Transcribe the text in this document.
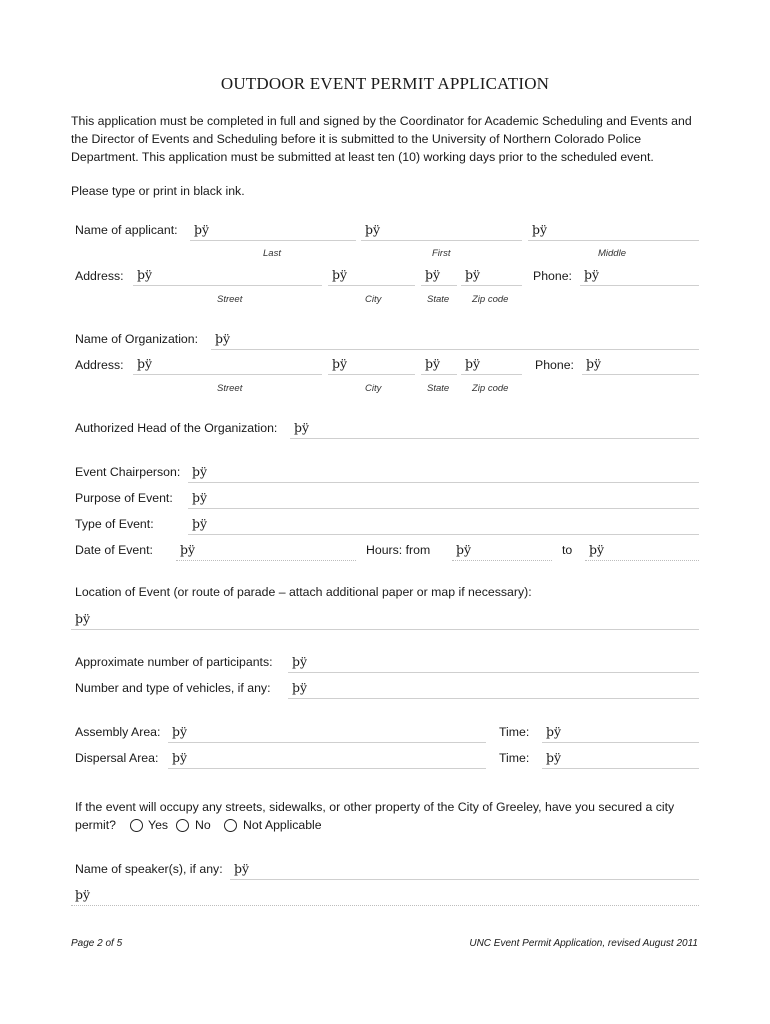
OUTDOOR EVENT PERMIT APPLICATION
This application must be completed in full and signed by the Coordinator for Academic Scheduling and Events and the Director of Events and Scheduling before it is submitted to the University of Northern Colorado Police Department. This application must be submitted at least ten (10) working days prior to the scheduled event.
Please type or print in black ink.
Name of applicant:	þÿ	þÿ	þÿ
Last	First	Middle
Address:	þÿ	þÿ	þÿ	þÿ	Phone: þÿ
Street	City	State Zip code
Name of Organization:	þÿ
Address:	þÿ	þÿ	þÿ	þÿ	Phone: þÿ
Street	City	State Zip code
Authorized Head of the Organization:	þÿ
Event Chairperson: þÿ
Purpose of Event:	þÿ
Type of Event:	þÿ
Date of Event:	þÿ	Hours: from	þÿ	to	þÿ
Location of Event (or route of parade – attach additional paper or map if necessary):
þÿ
Approximate number of participants:	þÿ
Number and type of vehicles, if any:	þÿ
Assembly Area: þÿ	Time:	þÿ
Dispersal Area:	þÿ	Time:	þÿ
If the event will occupy any streets, sidewalks, or other property of the City of Greeley, have you secured a city
permit?	Yes No	Not Applicable
Name of speaker(s), if any: þÿ
þÿ
Page 2 of 5	UNC Event Permit Application, revised August 2011
